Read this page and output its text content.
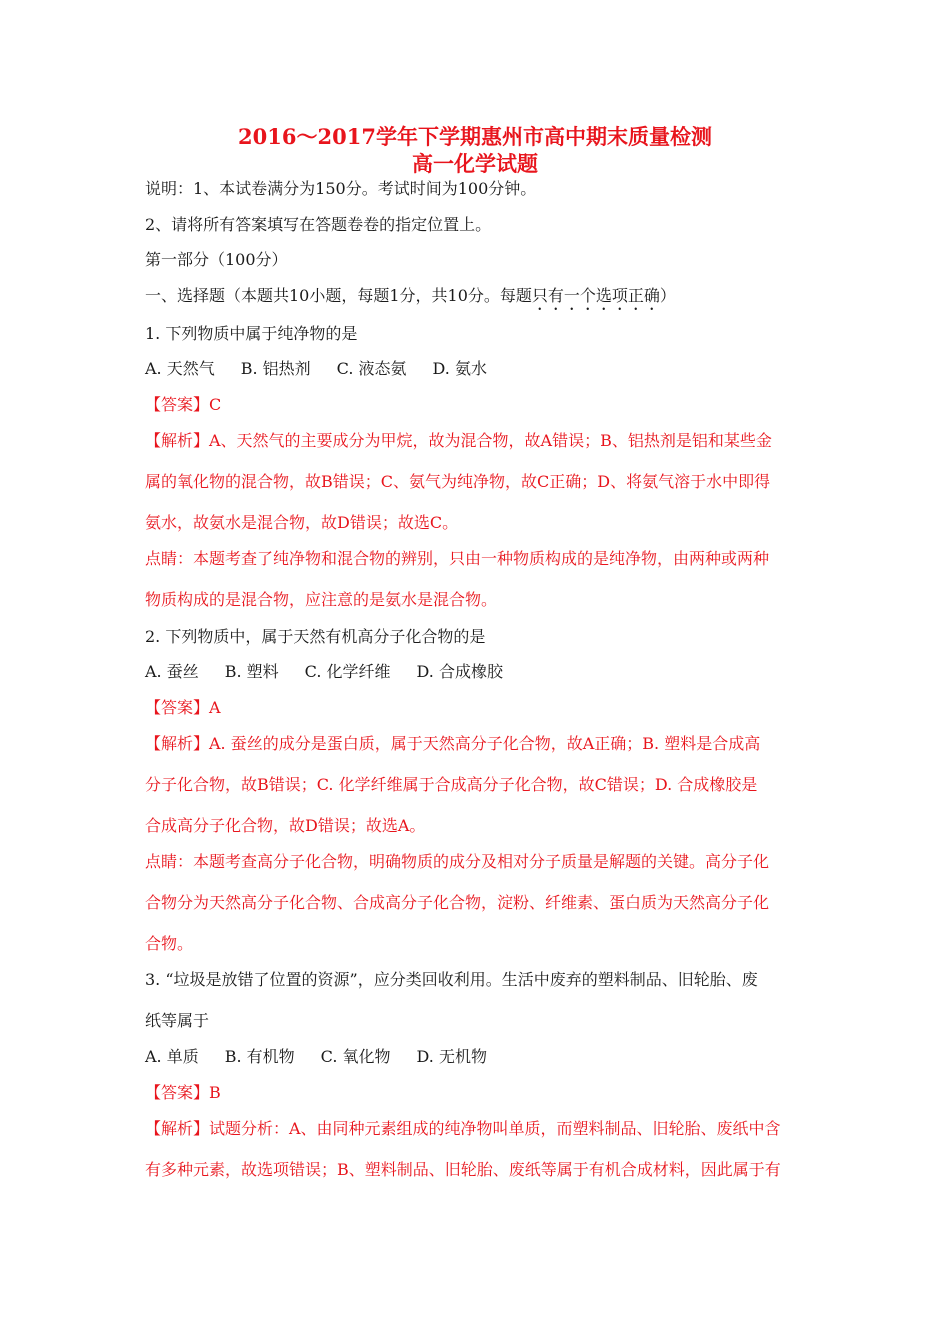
2016～2017学年下学期惠州市高中期末质量检测
高一化学试题
说明：1、本试卷满分为150分。考试时间为100分钟。
2、请将所有答案填写在答题卷卷的指定位置上。
第一部分（100分）
一、选择题（本题共10小题，每题1分，共10分。每题只有一个选项正确）
1. 下列物质中属于纯净物的是
A. 天然气 B. 铝热剂 C. 液态氨 D. 氨水
【答案】C
【解析】A、天然气的主要成分为甲烷，故为混合物，故A错误；B、铝热剂是铝和某些金
属的氧化物的混合物，故B错误；C、氨气为纯净物，故C正确；D、将氨气溶于水中即得
氨水，故氨水是混合物，故D错误；故选C。
点睛：本题考查了纯净物和混合物的辨别，只由一种物质构成的是纯净物，由两种或两种
物质构成的是混合物，应注意的是氨水是混合物。
2. 下列物质中，属于天然有机高分子化合物的是
A. 蚕丝 B. 塑料 C. 化学纤维 D. 合成橡胶
【答案】A
【解析】A. 蚕丝的成分是蛋白质，属于天然高分子化合物，故A正确；B. 塑料是合成高
分子化合物，故B错误；C. 化学纤维属于合成高分子化合物，故C错误；D. 合成橡胶是
合成高分子化合物，故D错误；故选A。
点睛：本题考查高分子化合物，明确物质的成分及相对分子质量是解题的关键。高分子化
合物分为天然高分子化合物、合成高分子化合物，淀粉、纤维素、蛋白质为天然高分子化
合物。
3. “垃圾是放错了位置的资源”，应分类回收利用。生活中废弃的塑料制品、旧轮胎、废
纸等属于
A. 单质 B. 有机物 C. 氧化物 D. 无机物
【答案】B
【解析】试题分析：A、由同种元素组成的纯净物叫单质，而塑料制品、旧轮胎、废纸中含
有多种元素，故选项错误；B、塑料制品、旧轮胎、废纸等属于有机合成材料，因此属于有
